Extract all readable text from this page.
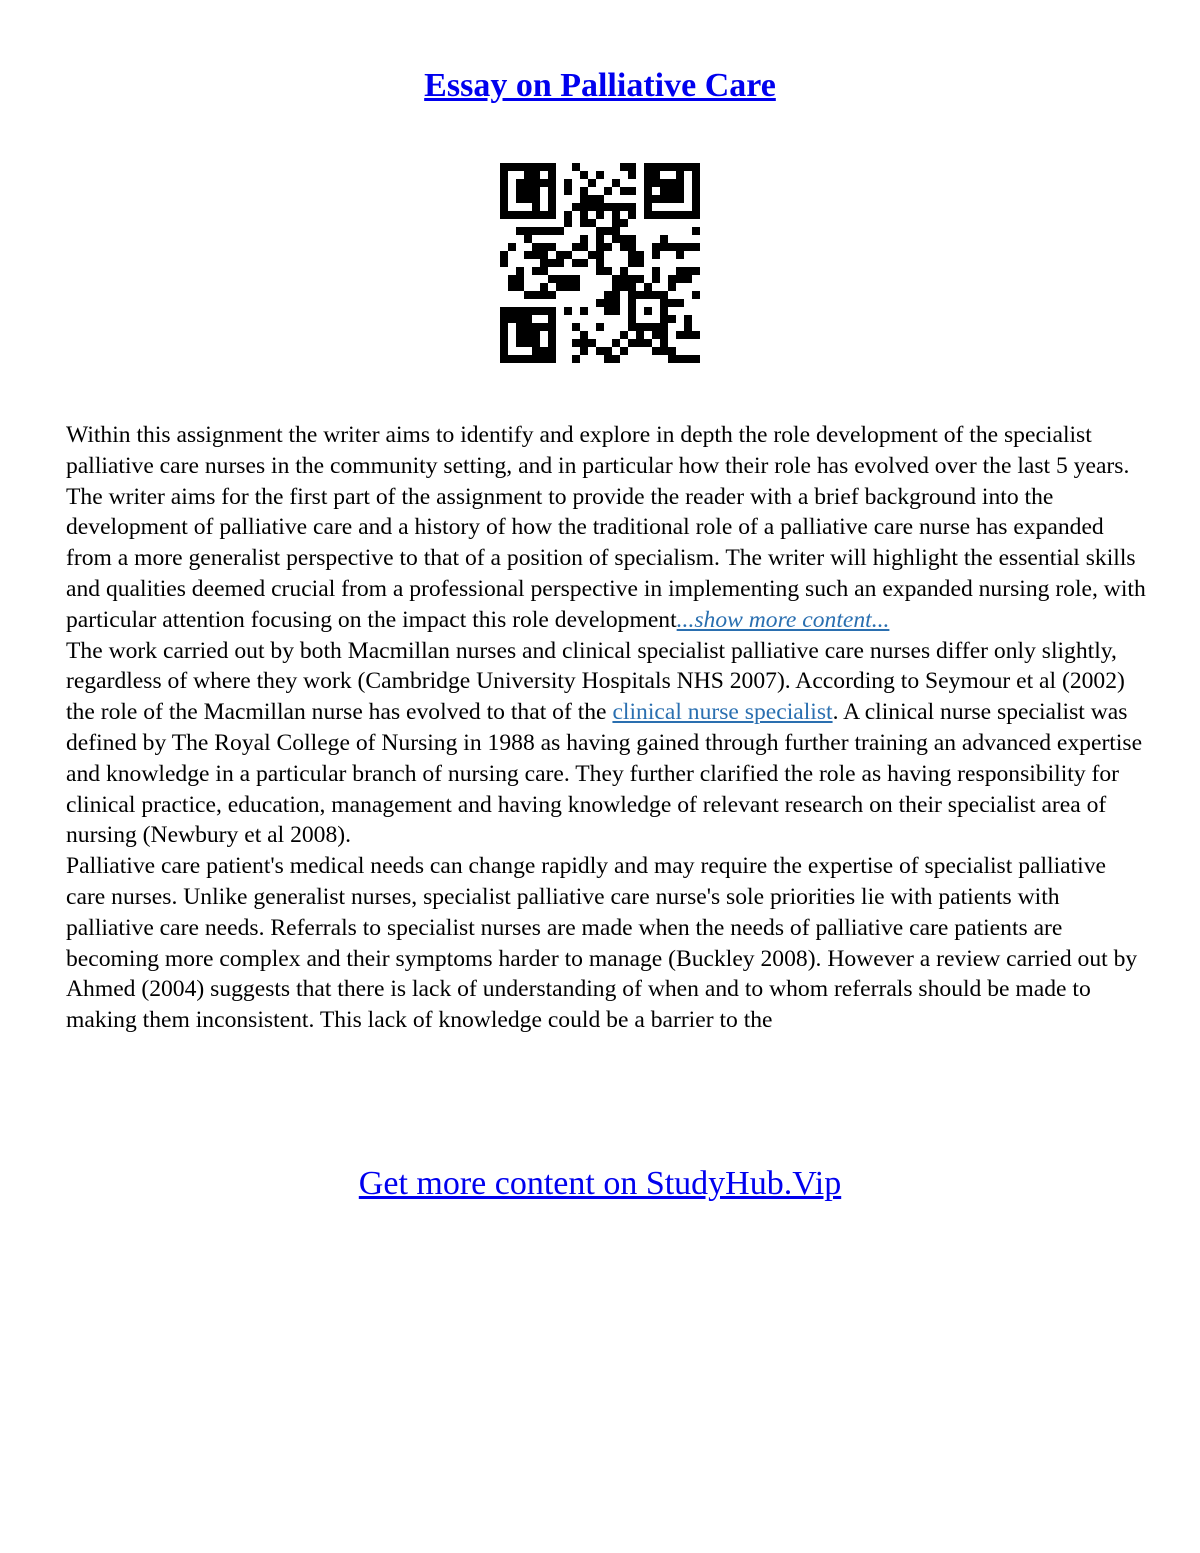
Essay on Palliative Care

Within this assignment the writer aims to identify and explore in depth the role development of the specialist palliative care nurses in the community setting, and in particular how their role has evolved over the last 5 years. The writer aims for the first part of the assignment to provide the reader with a brief background into the development of palliative care and a history of how the traditional role of a palliative care nurse has expanded from a more generalist perspective to that of a position of specialism. The writer will highlight the essential skills and qualities deemed crucial from a professional perspective in implementing such an expanded nursing role, with particular attention focusing on the impact this role development...show more content...

The work carried out by both Macmillan nurses and clinical specialist palliative care nurses differ only slightly, regardless of where they work (Cambridge University Hospitals NHS 2007). According to Seymour et al (2002) the role of the Macmillan nurse has evolved to that of the clinical nurse specialist. A clinical nurse specialist was defined by The Royal College of Nursing in 1988 as having gained through further training an advanced expertise and knowledge in a particular branch of nursing care. They further clarified the role as having responsibility for clinical practice, education, management and having knowledge of relevant research on their specialist area of nursing (Newbury et al 2008).

Palliative care patient's medical needs can change rapidly and may require the expertise of specialist palliative care nurses. Unlike generalist nurses, specialist palliative care nurse's sole priorities lie with patients with palliative care needs. Referrals to specialist nurses are made when the needs of palliative care patients are becoming more complex and their symptoms harder to manage (Buckley 2008). However a review carried out by Ahmed (2004) suggests that there is lack of understanding of when and to whom referrals should be made to making them inconsistent. This lack of knowledge could be a barrier to the

Get more content on StudyHub.Vip
